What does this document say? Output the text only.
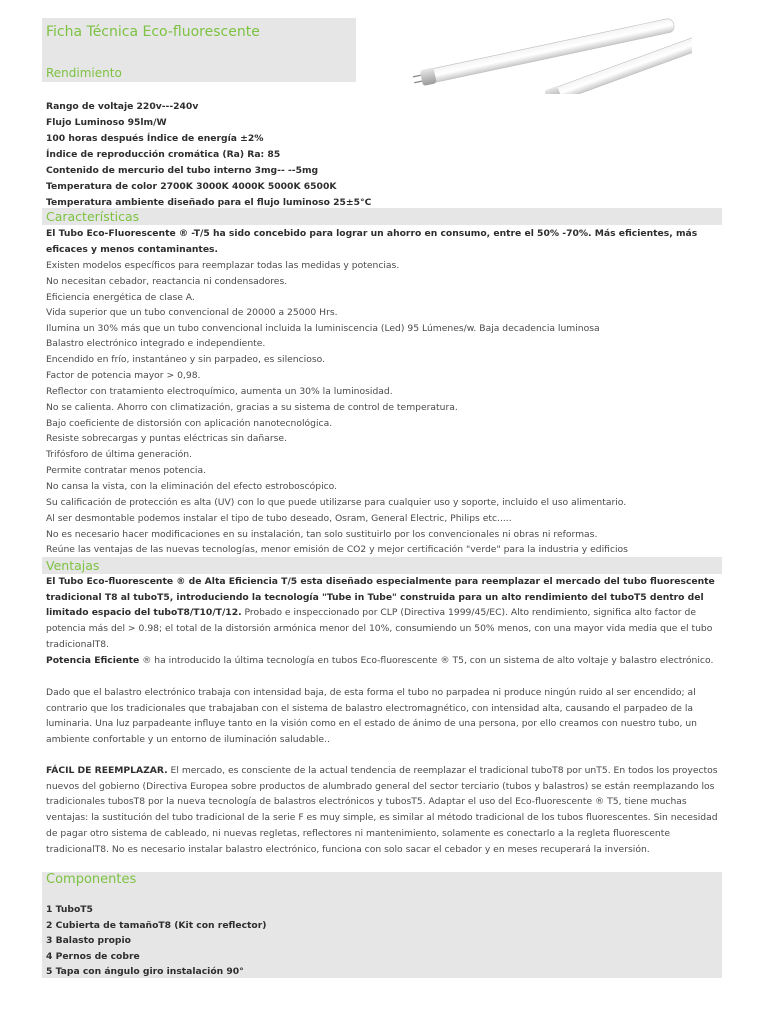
Ficha Técnica Eco-fluorescente
Rendimiento
Rango de voltaje 220v---240v
Flujo Luminoso 95lm/W
100 horas después Índice de energía ±2%
Índice de reproducción cromática (Ra) Ra: 85
Contenido de mercurio del tubo interno 3mg-- --5mg
Temperatura de color 2700K 3000K 4000K 5000K 6500K
Temperatura ambiente diseñado para el flujo luminoso 25±5°C
Características
El Tubo Eco-Fluorescente ® -T/5 ha sido concebido para lograr un ahorro en consumo, entre el 50% -70%. Más eficientes, más eficaces y menos contaminantes.
Existen modelos específicos para reemplazar todas las medidas y potencias.
No necesitan cebador, reactancia ni condensadores.
Eficiencia energética de clase A.
Vida superior que un tubo convencional de 20000 a 25000 Hrs.
Ilumina un 30% más que un tubo convencional incluida la luminiscencia (Led) 95 Lúmenes/w. Baja decadencia luminosa
Balastro electrónico integrado e independiente.
Encendido en frío, instantáneo y sin parpadeo, es silencioso.
Factor de potencia mayor > 0,98.
Reflector con tratamiento electroquímico, aumenta un 30% la luminosidad.
No se calienta. Ahorro con climatización, gracias a su sistema de control de temperatura.
Bajo coeficiente de distorsión con aplicación nanotecnológica.
Resiste sobrecargas y puntas eléctricas sin dañarse.
Trifósforo de última generación.
Permite contratar menos potencia.
No cansa la vista, con la eliminación del efecto estroboscópico.
Su calificación de protección es alta (UV) con lo que puede utilizarse para cualquier uso y soporte, incluido el uso alimentario.
Al ser desmontable podemos instalar el tipo de tubo deseado, Osram, General Electric, Philips etc.....
No es necesario hacer modificaciones en su instalación, tan solo sustituirlo por los convencionales ni obras ni reformas.
Reúne las ventajas de las nuevas tecnologías, menor emisión de CO2 y mejor certificación "verde" para la industria y edificios
Ventajas
El Tubo Eco-fluorescente ® de Alta Eficiencia T/5 esta diseñado especialmente para reemplazar el mercado del tubo fluorescente tradicional T8 al tuboT5, introduciendo la tecnología "Tube in Tube" construida para un alto rendimiento del tuboT5 dentro del limitado espacio del tuboT8/T10/T/12. Probado e inspeccionado por CLP (Directiva 1999/45/EC). Alto rendimiento, significa alto factor de potencia más del > 0.98; el total de la distorsión armónica menor del 10%, consumiendo un 50% menos, con una mayor vida media que el tubo tradicionalT8.
Potencia Eficiente ® ha introducido la última tecnología en tubos Eco-fluorescente ® T5, con un sistema de alto voltaje y balastro electrónico.
Dado que el balastro electrónico trabaja con intensidad baja, de esta forma el tubo no parpadea ni produce ningún ruido al ser encendido; al contrario que los tradicionales que trabajaban con el sistema de balastro electromagnético, con intensidad alta, causando el parpadeo de la luminaria. Una luz parpadeante influye tanto en la visión como en el estado de ánimo de una persona, por ello creamos con nuestro tubo, un ambiente confortable y un entorno de iluminación saludable..
FÁCIL DE REEMPLAZAR. El mercado, es consciente de la actual tendencia de reemplazar el tradicional tuboT8 por unT5. En todos los proyectos nuevos del gobierno (Directiva Europea sobre productos de alumbrado general del sector terciario (tubos y balastros) se están reemplazando los tradicionales tubosT8 por la nueva tecnología de balastros electrónicos y tubosT5. Adaptar el uso del Eco-fluorescente ® T5, tiene muchas ventajas: la sustitución del tubo tradicional de la serie F es muy simple, es similar al método tradicional de los tubos fluorescentes. Sin necesidad de pagar otro sistema de cableado, ni nuevas regletas, reflectores ni mantenimiento, solamente es conectarlo a la regleta fluorescente tradicionalT8. No es necesario instalar balastro electrónico, funciona con solo sacar el cebador y en meses recuperará la inversión.
Componentes
1 TuboT5
2 Cubierta de tamañoT8 (Kit con reflector)
3 Balasto propio
4 Pernos de cobre
5 Tapa con ángulo giro instalación 90°
